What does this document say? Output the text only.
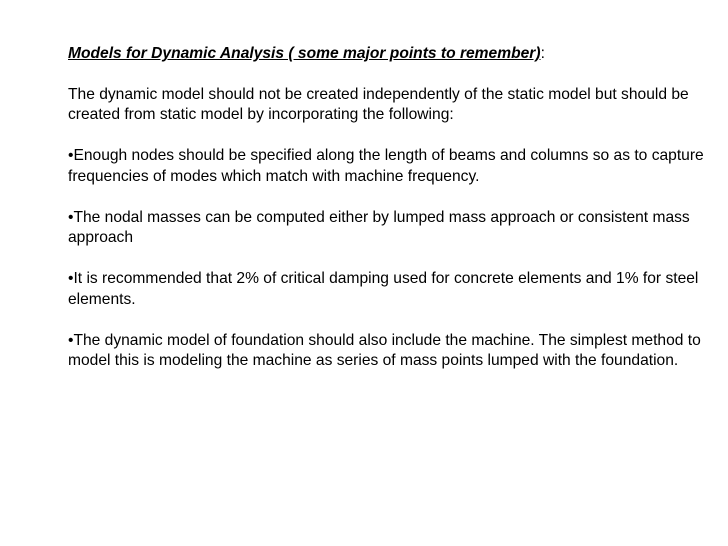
Models for Dynamic Analysis ( some major points to remember):
The dynamic model should not be created independently of the static model but should be created from static model by incorporating the following:
•Enough nodes should be specified along the length of beams and columns so as to capture frequencies of modes which match with machine frequency.
•The nodal masses can be computed either by lumped mass approach or consistent mass approach
•It is recommended that 2% of critical damping used for concrete elements and 1% for steel elements.
•The dynamic model of foundation should also include the machine. The simplest method to model this is modeling the machine as series of mass points lumped with the foundation.
